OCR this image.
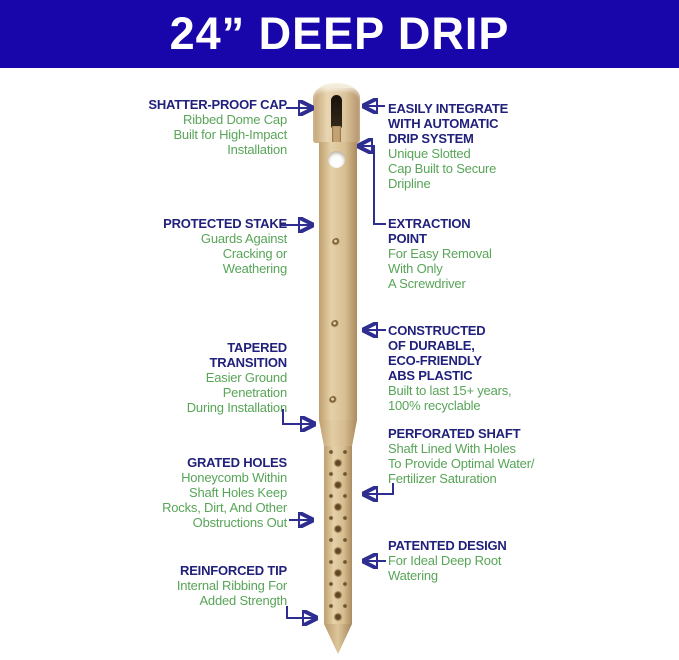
24” DEEP DRIP
SHATTER-PROOF CAP
Ribbed Dome Cap
Built for High-Impact
Installation
PROTECTED STAKE
Guards Against
Cracking or
Weathering
TAPERED
TRANSITION
Easier Ground
Penetration
During Installation
GRATED HOLES
Honeycomb Within
Shaft Holes Keep
Rocks, Dirt, And Other
Obstructions Out
REINFORCED TIP
Internal Ribbing For
Added Strength
EASILY INTEGRATE
WITH AUTOMATIC
DRIP SYSTEM
Unique Slotted
Cap Built to Secure
Dripline
EXTRACTION
POINT
For Easy Removal
With Only
A Screwdriver
CONSTRUCTED
OF DURABLE,
ECO-FRIENDLY
ABS PLASTIC
Built to last 15+ years,
100% recyclable
PERFORATED SHAFT
Shaft Lined With Holes
To Provide Optimal Water/
Fertilizer Saturation
PATENTED DESIGN
For Ideal Deep Root
Watering
